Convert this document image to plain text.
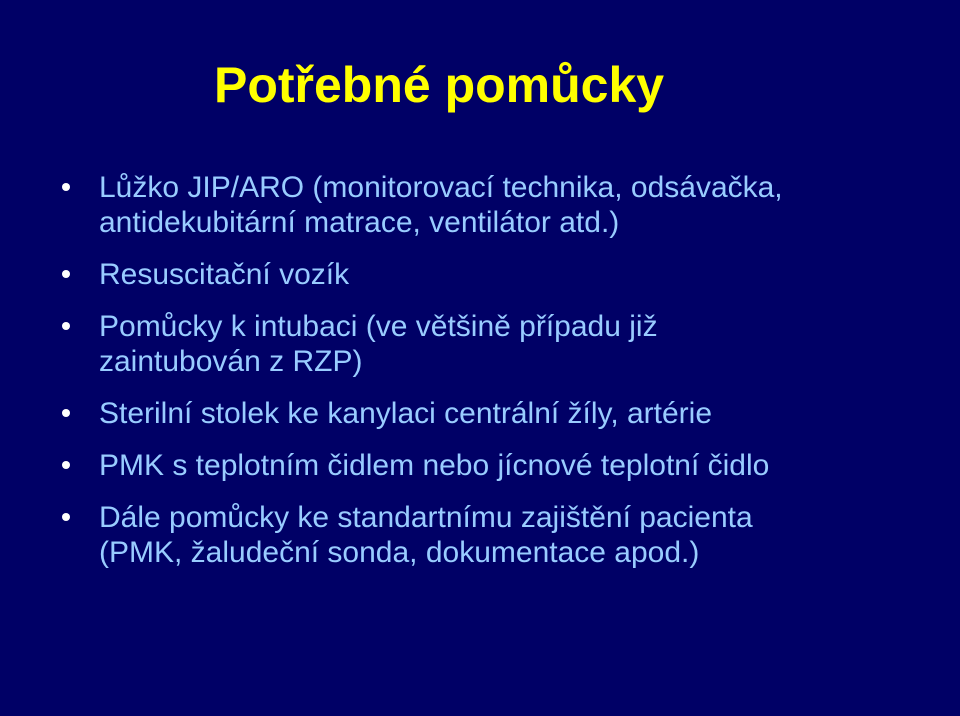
Potřebné pomůcky
Lůžko JIP/ARO (monitorovací technika, odsávačka,
antidekubitární matrace, ventilátor atd.)
Resuscitační vozík
Pomůcky k intubaci (ve většině případu již
zaintubován z RZP)
Sterilní stolek ke kanylaci centrální žíly, artérie
PMK s teplotním čidlem nebo jícnové teplotní čidlo
Dále pomůcky ke standartnímu zajištění pacienta
(PMK, žaludeční sonda, dokumentace apod.)
